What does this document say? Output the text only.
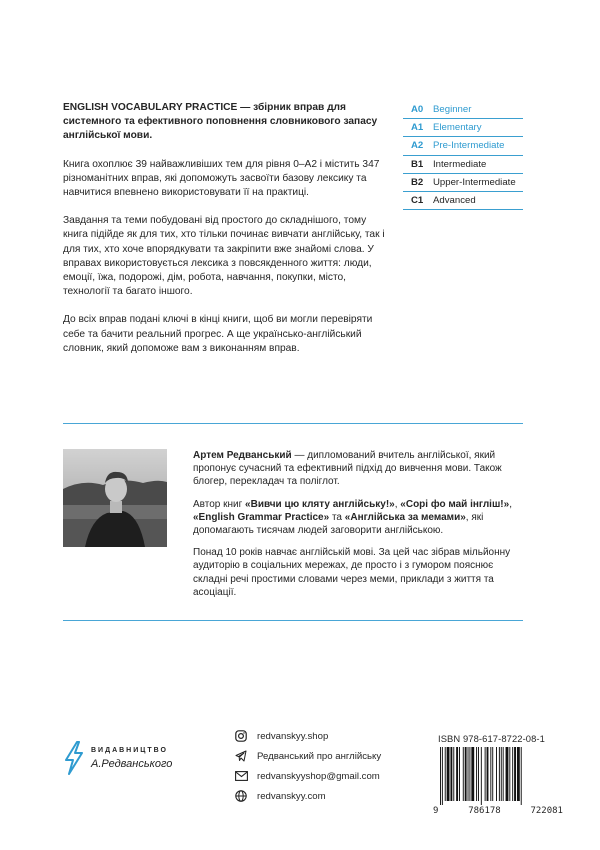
ENGLISH VOCABULARY PRACTICE — збірник вправ для системного та ефективного поповнення словникового запасу англійської мови.

Книга охоплює 39 найважливіших тем для рівня 0–A2 і містить 347 різноманітних вправ, які допоможуть засвоїти базову лексику та навчитися впевнено використовувати її на практиці.

Завдання та теми побудовані від простого до складнішого, тому книга підійде як для тих, хто тільки починає вивчати англійську, так і для тих, хто хоче впорядкувати та закріпити вже знайомі слова. У вправах використовується лексика з повсякденного життя: люди, емоції, їжа, подорожі, дім, робота, навчання, покупки, місто, технології та багато іншого.

До всіх вправ подані ключі в кінці книги, щоб ви могли перевіряти себе та бачити реальний прогрес. А ще українсько-англійський словник, який допоможе вам з виконанням вправ.

A0	Beginner
A1	Elementary
A2	Pre-Intermediate
B1	Intermediate
B2	Upper-Intermediate
C1	Advanced

Артем Редванський — дипломований вчитель англійської, який пропонує сучасний та ефективний підхід до вивчення мови. Також блогер, перекладач та поліглот.

Автор книг «Вивчи цю кляту англійську!», «Сорі фо май інгліш!», «English Grammar Practice» та «Англійська за мемами», які допомагають тисячам людей заговорити англійською.

Понад 10 років навчає англійській мові. За цей час зібрав мільйонну аудиторію в соціальних мережах, де просто і з гумором пояснює складні речі простими словами через меми, приклади з життя та асоціації.

ВИДАВНИЦТВО
А.Редванського
redvanskyy.shop
Редванський про англійську
redvanskyyshop@gmail.com
redvanskyy.com
ISBN 978-617-8722-08-1
9	786178	722081
